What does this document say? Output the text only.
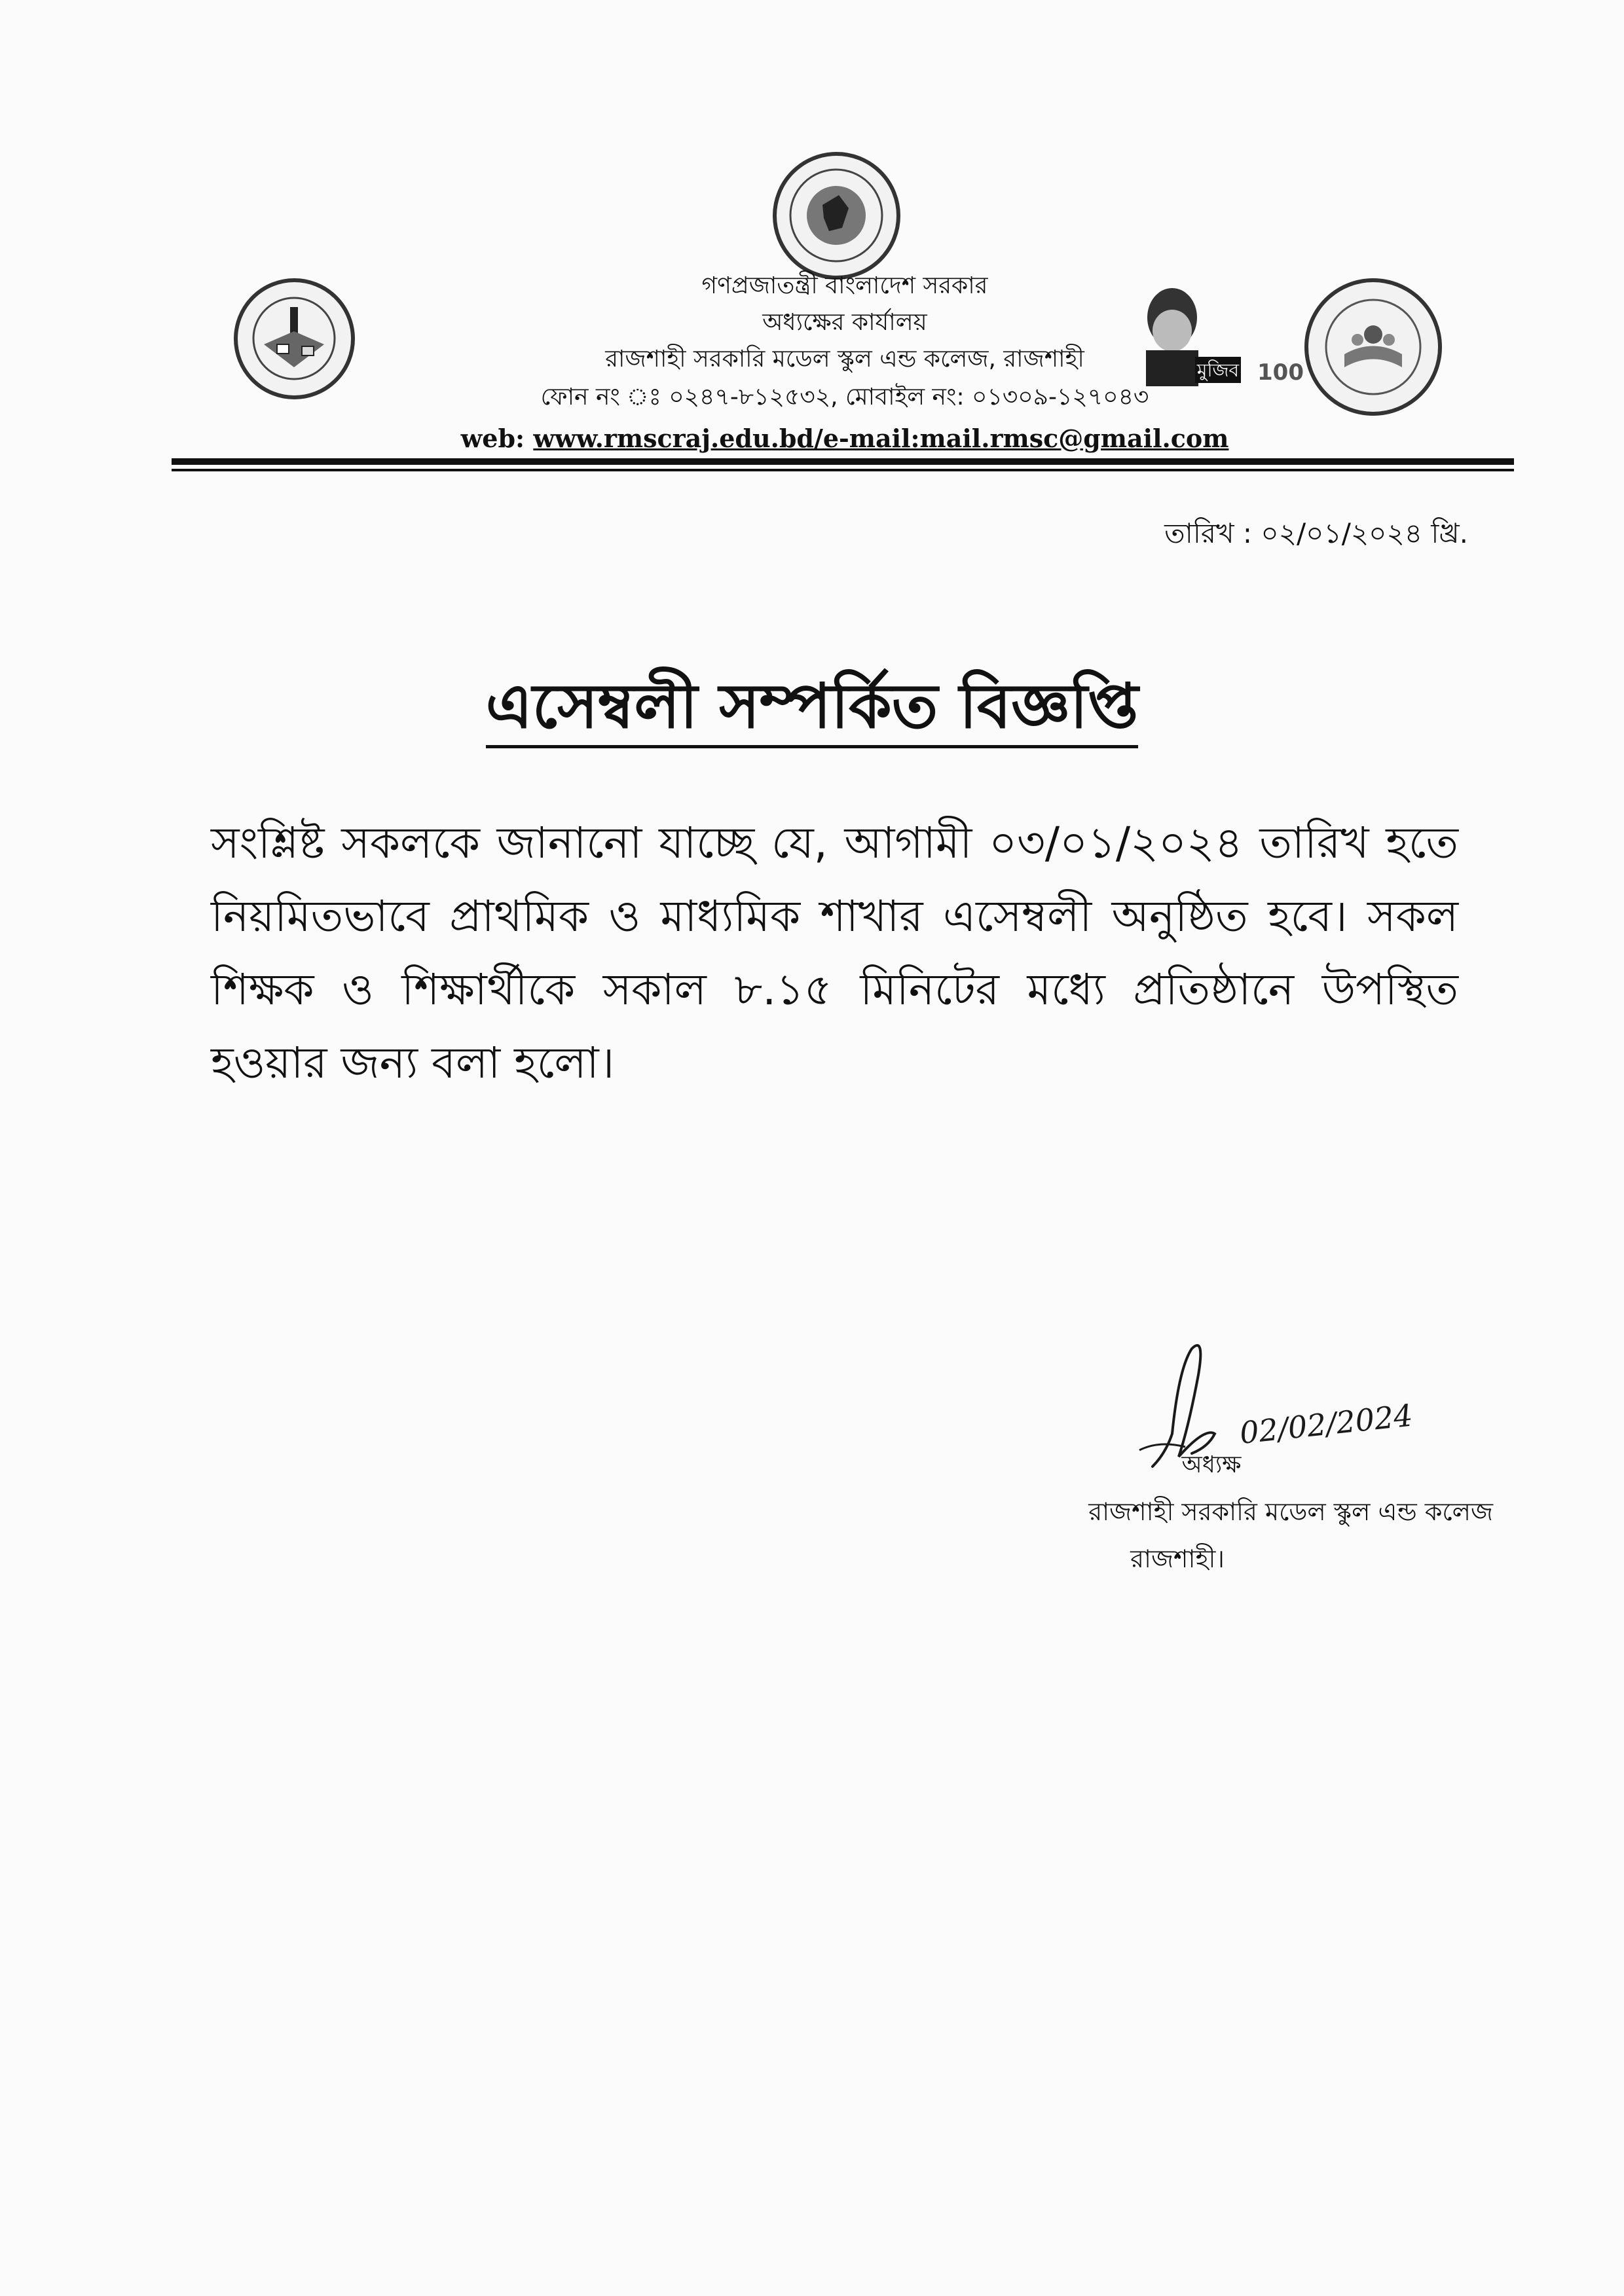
মুজিব 100
গণপ্রজাতন্ত্রী বাংলাদেশ সরকার
অধ্যক্ষের কার্যালয়
রাজশাহী সরকারি মডেল স্কুল এন্ড কলেজ, রাজশাহী
ফোন নং ঃ ০২৪৭-৮১২৫৩২, মোবাইল নং: ০১৩০৯-১২৭০৪৩
web: www.rmscraj.edu.bd/e-mail:mail.rmsc@gmail.com
তারিখ : ০২/০১/২০২৪ খ্রি.
এসেম্বলী সম্পর্কিত বিজ্ঞপ্তি
সংশ্লিষ্ট সকলকে জানানো যাচ্ছে যে, আগামী ০৩/০১/২০২৪ তারিখ হতে নিয়মিতভাবে প্রাথমিক ও মাধ্যমিক শাখার এসেম্বলী অনুষ্ঠিত হবে। সকল শিক্ষক ও শিক্ষার্থীকে সকাল ৮.১৫ মিনিটের মধ্যে প্রতিষ্ঠানে উপস্থিত হওয়ার জন্য বলা হলো।
02/02/2024
অধ্যক্ষ
রাজশাহী সরকারি মডেল স্কুল এন্ড কলেজ
রাজশাহী।
